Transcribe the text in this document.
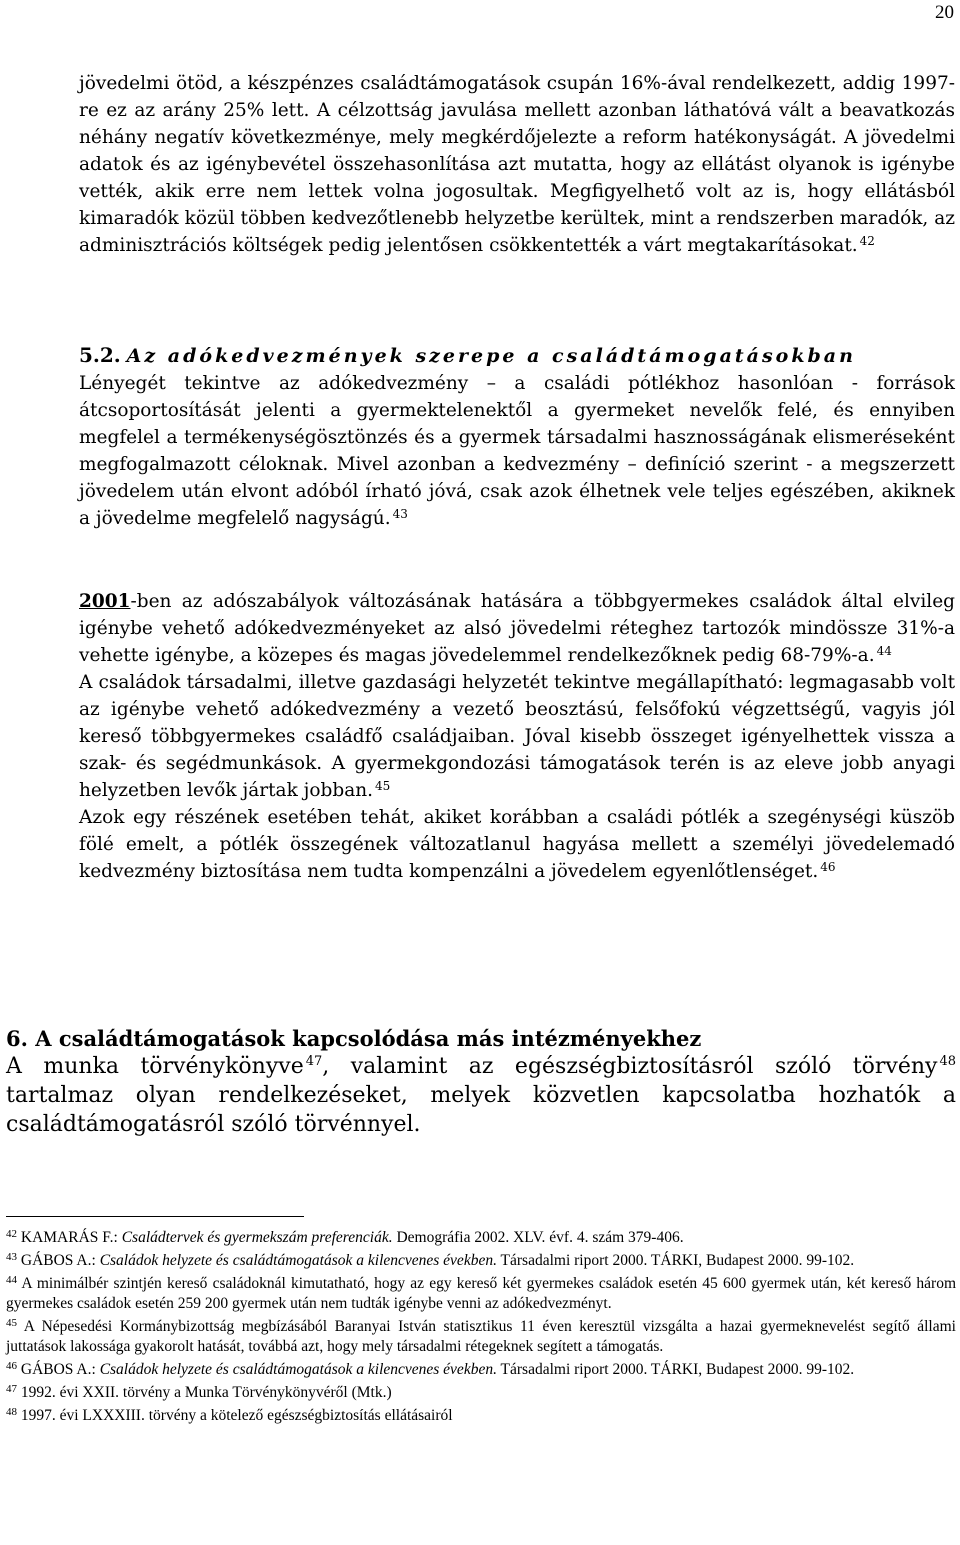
20

jövedelmi ötöd, a készpénzes családtámogatások csupán 16%-ával rendelkezett, addig 1997-re ez az arány 25% lett. A célzottság javulása mellett azonban láthatóvá vált a beavatkozás néhány negatív következménye, mely megkérdőjelezte a reform hatékonyságát. A jövedelmi adatok és az igénybevétel összehasonlítása azt mutatta, hogy az ellátást olyanok is igénybe vették, akik erre nem lettek volna jogosultak. Megfigyelhető volt az is, hogy ellátásból kimaradók közül többen kedvezőtlenebb helyzetbe kerültek, mint a rendszerben maradók, az adminisztrációs költségek pedig jelentősen csökkentették a várt megtakarításokat. $^{42}$

5.2. Az adókedvezmények szerepe a családtámogatásokban

Lényegét tekintve az adókedvezmény – a családi pótlékhoz hasonlóan - források átcsoportosítását jelenti a gyermektelenektől a gyermeket nevelők felé, és ennyiben megfelel a termékenységösztönzés és a gyermek társadalmi hasznosságának elismeréseként megfogalmazott céloknak. Mivel azonban a kedvezmény – definíció szerint - a megszerzett jövedelem után elvont adóból írható jóvá, csak azok élhetnek vele teljes egészében, akiknek a jövedelme megfelelő nagyságú. $^{43}$

2001-ben az adószabályok változásának hatására a többgyermekes családok által elvileg igénybe vehető adókedvezményeket az alsó jövedelmi réteghez tartozók mindössze 31%-a vehette igénybe, a közepes és magas jövedelemmel rendelkezőknek pedig 68-79%-a. $^{44}$

A családok társadalmi, illetve gazdasági helyzetét tekintve megállapítható: legmagasabb volt az igénybe vehető adókedvezmény a vezető beosztású, felsőfokú végzettségű, vagyis jól kereső többgyermekes családfő családjaiban. Jóval kisebb összeget igényelhettek vissza a szak- és segédmunkások. A gyermekgondozási támogatások terén is az eleve jobb anyagi helyzetben levők jártak jobban. $^{45}$

Azok egy részének esetében tehát, akiket korábban a családi pótlék a szegénységi küszöb fölé emelt, a pótlék összegének változatlanul hagyása mellett a személyi jövedelemadó kedvezmény biztosítása nem tudta kompenzálni a jövedelem egyenlőtlenséget. $^{46}$

6. A családtámogatások kapcsolódása más intézményekhez

A munka törvénykönyve $^{47}$, valamint az egészségbiztosításról szóló törvény $^{48}$ tartalmaz olyan rendelkezéseket, melyek közvetlen kapcsolatba hozhatók a családtámogatásról szóló törvénnyel.

$^{42}$ KAMARÁS F.: Családtervek és gyermekszám preferenciák. Demográfia 2002. XLV. évf. 4. szám 379-406.

$^{43}$ GÁBOS A.: Családok helyzete és családtámogatások a kilencvenes években. Társadalmi riport 2000. TÁRKI, Budapest 2000. 99-102.

$^{44}$ A minimálbér szintjén kereső családoknál kimutatható, hogy az egy kereső két gyermekes családok esetén 45 600 gyermek után, két kereső három gyermekes családok esetén 259 200 gyermek után nem tudták igénybe venni az adókedvezményt.

$^{45}$ A Népesedési Kormánybizottság megbízásából Baranyai István statisztikus 11 éven keresztül vizsgálta a hazai gyermeknevelést segítő állami juttatások lakossága gyakorolt hatását, továbbá azt, hogy mely társadalmi rétegeknek segített a támogatás.

$^{46}$ GÁBOS A.: Családok helyzete és családtámogatások a kilencvenes években. Társadalmi riport 2000. TÁRKI, Budapest 2000. 99-102.

$^{47}$ 1992. évi XXII. törvény a Munka Törvénykönyvéről (Mtk.)

$^{48}$ 1997. évi LXXXIII. törvény a kötelező egészségbiztosítás ellátásairól
